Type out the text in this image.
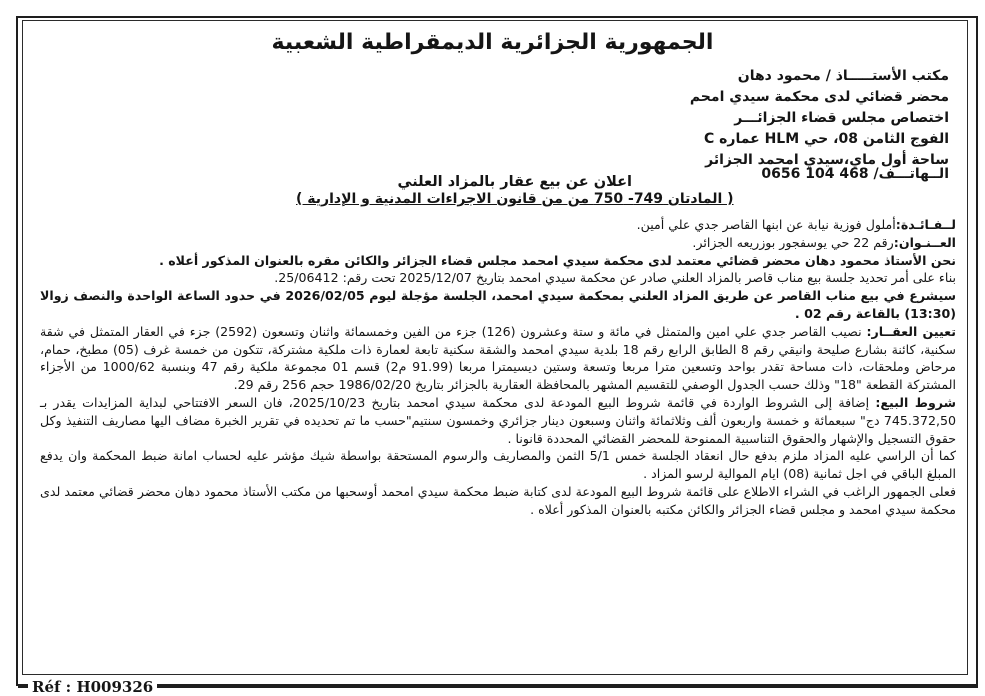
الجمهورية الجزائرية الديمقراطية الشعبية
مكتب الأستـــــاذ / محمود دهان
محضر قضائي لدى محكمة سيدي امحم
اختصاص مجلس قضاء الجزائـــر
الفوج الثامن 08، حي HLM عماره C
ساحة أول ماي،سيدي امحمد الجزائر
0656 104 468 الــهاتـــف/
اعلان عن بيع عقار بالمزاد العلني
( المادتان 749- 750 من من قانون الاجراءات المدنية و الإدارية )

لــفـائـدة:أملول فوزية نيابة عن ابنها القاصر جدي علي أمين.

العــنـوان:رقم 22 حي يوسفجور بوزريعه الجزائر.

نحن الأستاذ محمود دهان محضر قضائي معتمد لدى محكمة سيدي امحمد مجلس قضاء الجزائر والكائن مقره بالعنوان المذكور أعلاه .

بناء على أمر تحديد جلسة بيع مناب قاصر بالمزاد العلني صادر عن محكمة سيدي امحمد بتاريخ 2025/12/07 تحت رقم: 25/06412.

سيشرع في بيع مناب القاصر عن طريق المزاد العلني بمحكمة سيدي امحمد، الجلسة مؤجلة ليوم 2026/02/05 في حدود الساعة الواحدة والنصف زوالا (13:30) بالقاعة رقم 02 .

تعيين العقــار: نصيب القاصر جدي علي امين والمتمثل في مائة و ستة وعشرون (126) جزء من الفين وخمسمائة واثنان وتسعون (2592) جزء في العقار المتمثل في شقة سكنية، كائنة بشارع صليحة وانيقي رقم 8 الطابق الرابع رقم 18 بلدية سيدي امحمد والشقة سكنية تابعة لعمارة ذات ملكية مشتركة، تتكون من خمسة غرف (05) مطبخ، حمام، مرحاض وملحقات، ذات مساحة تقدر بواحد وتسعين مترا مربعا وتسعة وستين ديسيمترا مربعا (91.99 م2) قسم 01 مجموعة ملكية رقم 47 وبنسبة 1000/62 من الأجزاء المشتركة القطعة "18" وذلك حسب الجدول الوصفي للتقسيم المشهر بالمحافظة العقارية بالجزائر بتاريخ 1986/02/20 حجم 256 رقم 29.

شروط البيع: إضافة إلى الشروط الواردة في قائمة شروط البيع المودعة لدى محكمة سيدي امحمد بتاريخ 2025/10/23، فان السعر الافتتاحي لبداية المزايدات يقدر بـ 745.372,50 دج" سبعمائة و خمسة واربعون ألف وثلاثمائة واثنان وسبعون دينار جزائري وخمسون سنتيم"حسب ما تم تحديده في تقرير الخبرة مضاف اليها مصاريف التنفيذ وكل حقوق التسجيل والإشهار والحقوق التناسبية الممنوحة للمحضر القضائي المحددة قانونا .

كما أن الراسي عليه المزاد ملزم بدفع حال انعقاد الجلسة خمس 5/1 الثمن والمصاريف والرسوم المستحقة بواسطة شيك مؤشر عليه لحساب امانة ضبط المحكمة وان يدفع المبلغ الباقي في اجل ثمانية (08) ايام الموالية لرسو المزاد .

فعلى الجمهور الراغب في الشراء الاطلاع على قائمة شروط البيع المودعة لدى كتابة ضبط محكمة سيدي امحمد أوسحبها من مكتب الأستاذ محمود دهان محضر قضائي معتمد لدى محكمة سيدي امحمد و مجلس قضاء الجزائر والكائن مكتبه بالعنوان المذكور أعلاه .

Réf : H009326
